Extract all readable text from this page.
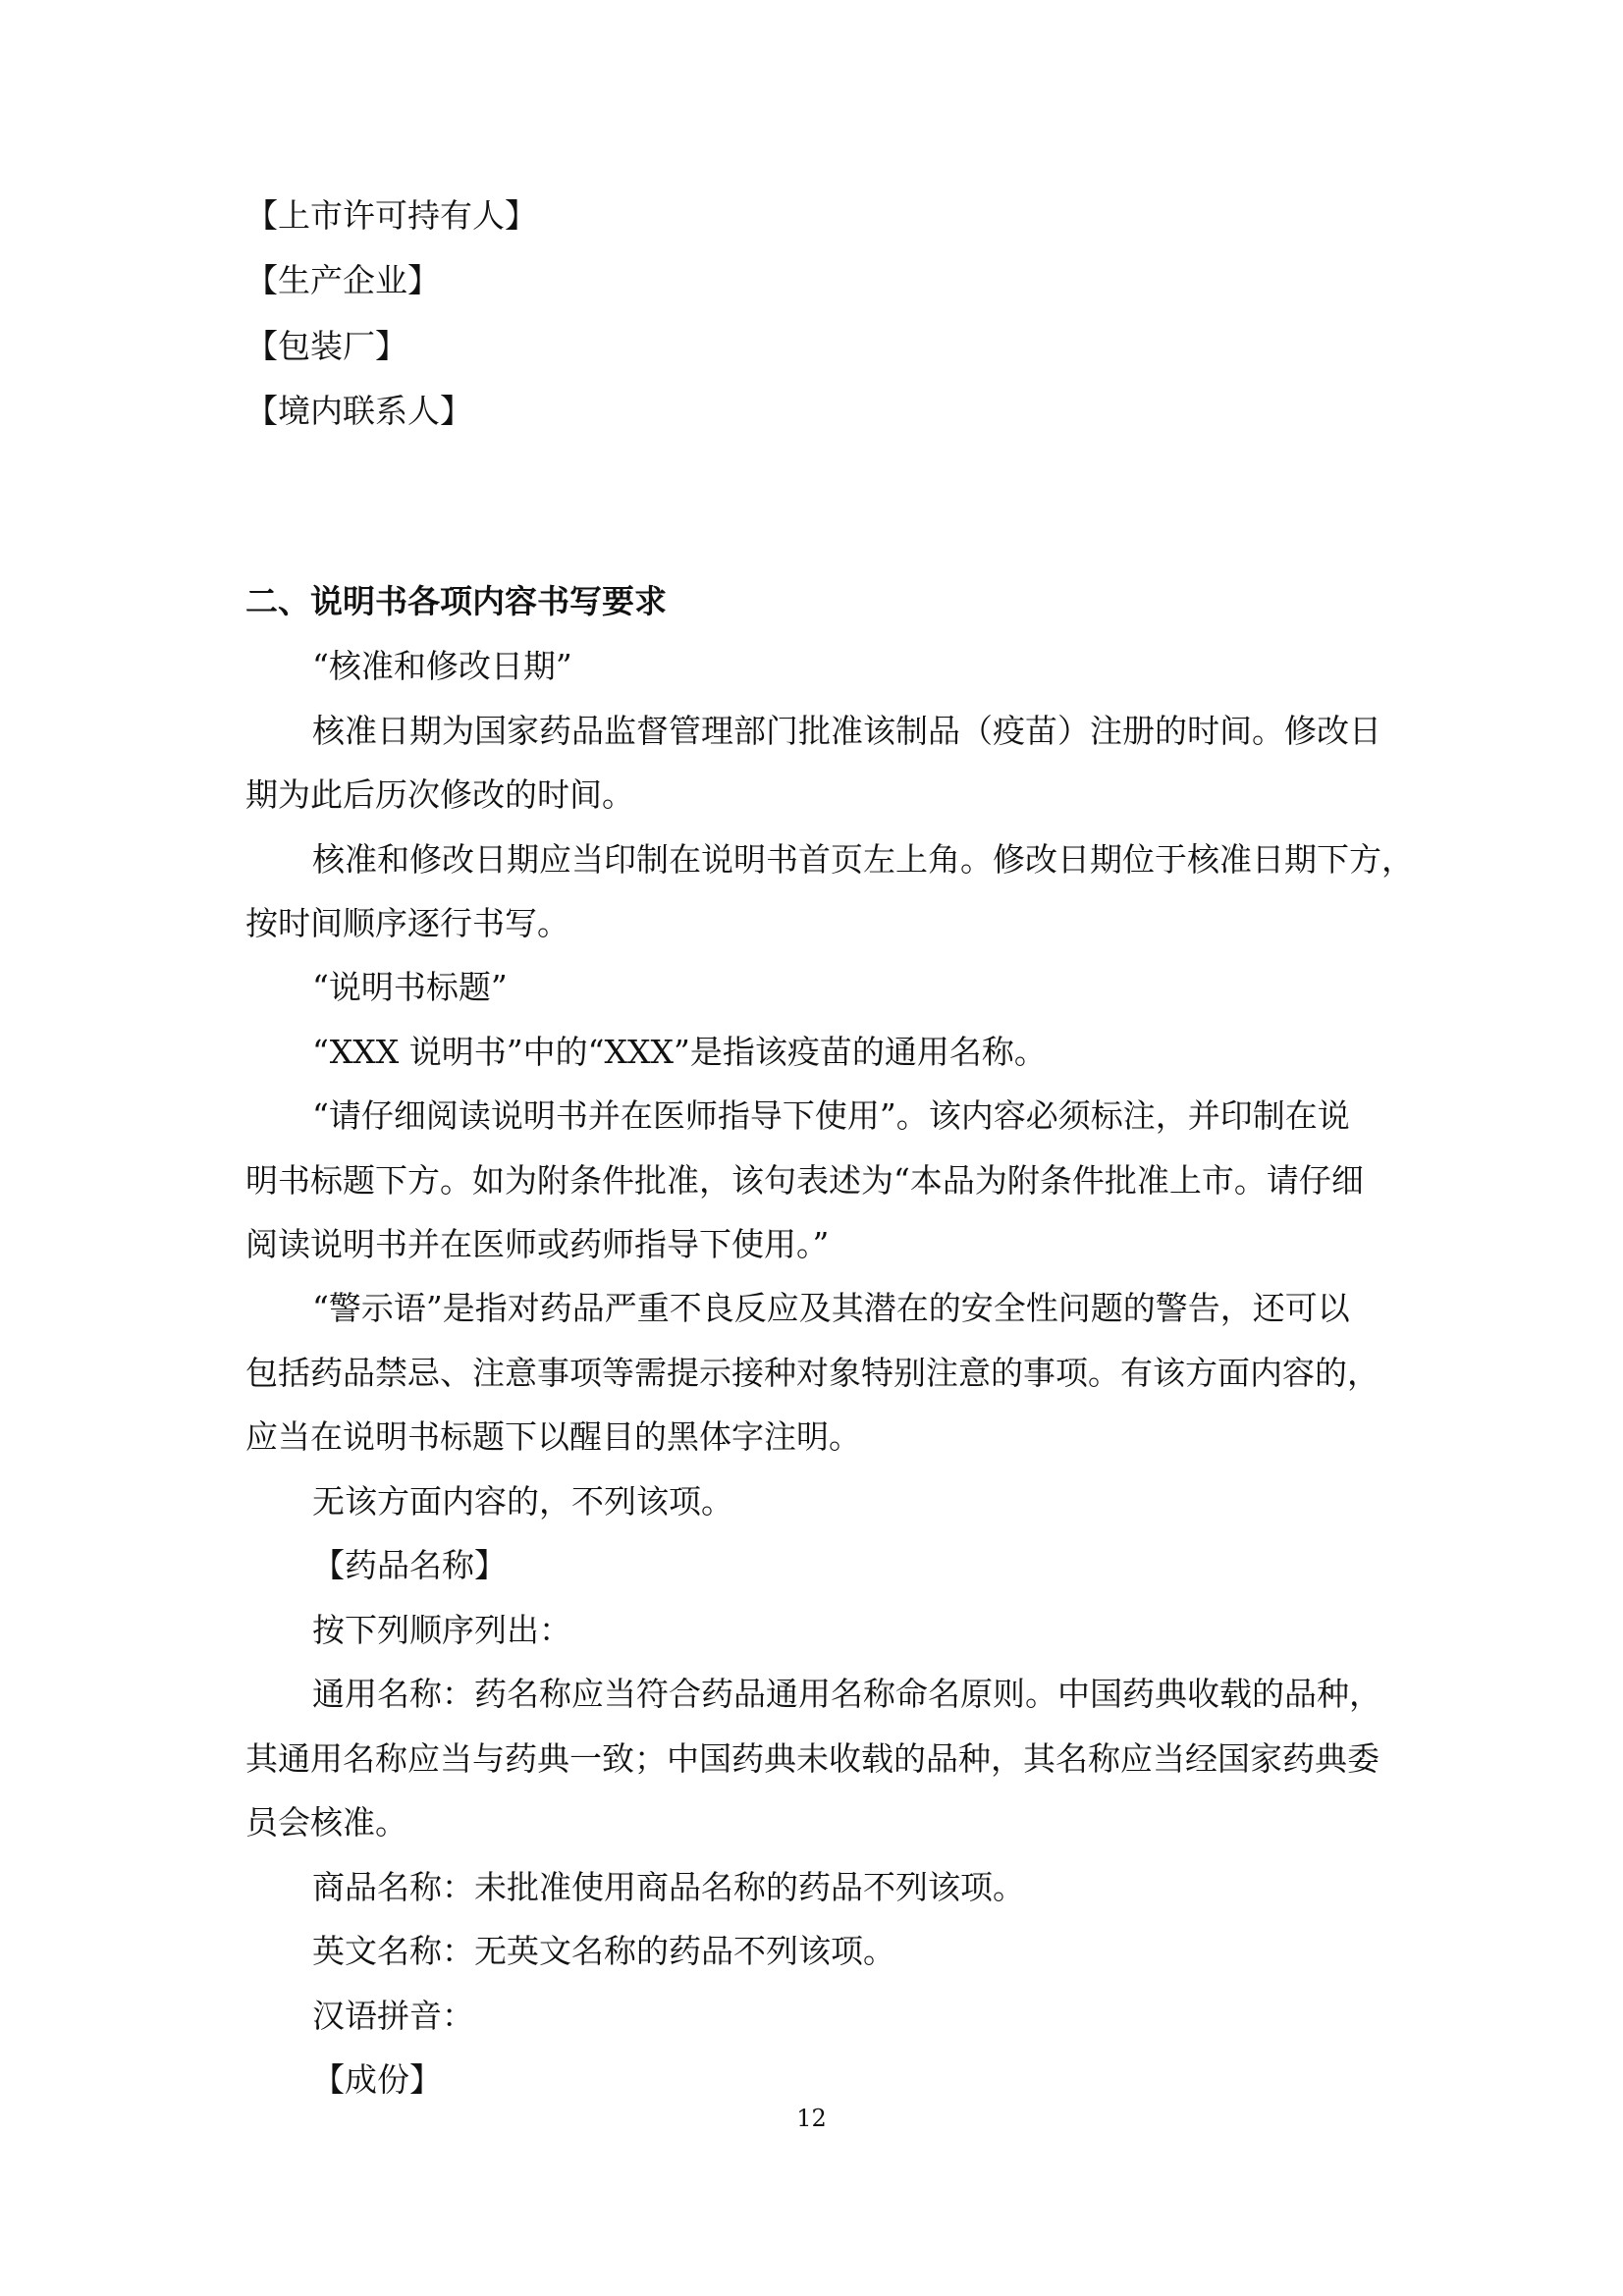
【上市许可持有人】
【生产企业】
【包装厂】
【境内联系人】
二、说明书各项内容书写要求
“核准和修改日期”
核准日期为国家药品监督管理部门批准该制品（疫苗）注册的时间。修改日
期为此后历次修改的时间。
核准和修改日期应当印制在说明书首页左上角。修改日期位于核准日期下方，
按时间顺序逐行书写。
“说明书标题”
“XXX 说明书”中的“XXX”是指该疫苗的通用名称。
“请仔细阅读说明书并在医师指导下使用”。该内容必须标注，并印制在说
明书标题下方。如为附条件批准，该句表述为“本品为附条件批准上市。请仔细
阅读说明书并在医师或药师指导下使用。”
“警示语”是指对药品严重不良反应及其潜在的安全性问题的警告，还可以
包括药品禁忌、注意事项等需提示接种对象特别注意的事项。有该方面内容的，
应当在说明书标题下以醒目的黑体字注明。
无该方面内容的，不列该项。
【药品名称】
按下列顺序列出：
通用名称：药名称应当符合药品通用名称命名原则。中国药典收载的品种，
其通用名称应当与药典一致；中国药典未收载的品种，其名称应当经国家药典委
员会核准。
商品名称：未批准使用商品名称的药品不列该项。
英文名称：无英文名称的药品不列该项。
汉语拼音：
【成份】
12
